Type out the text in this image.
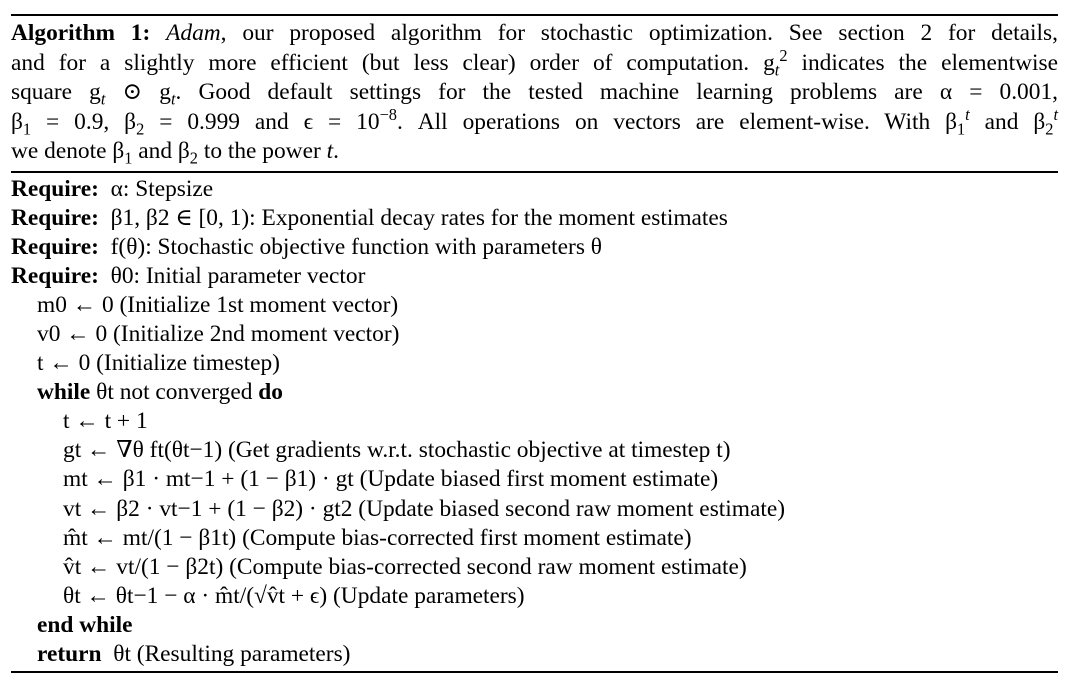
Algorithm 1: Adam, our proposed algorithm for stochastic optimization. See section 2 for details,
and for a slightly more efficient (but less clear) order of computation. $g_t^2$ indicates the elementwise
square $g_t$ ⊙ $g_t$. Good default settings for the tested machine learning problems are α = 0.001,
$\beta_1 = 0.9$, $\beta_2 = 0.999$ and $\epsilon = 10^{-8}$. All operations on vectors are element-wise. With $\beta_1^t$ and $\beta_2^t$
we denote $\beta_1$ and $\beta_2$ to the power t.
Require: α: Stepsize
Require: β1, β2 ∈ [0, 1): Exponential decay rates for the moment estimates
Require: f(θ): Stochastic objective function with parameters θ
Require: θ0: Initial parameter vector
m0 ← 0 (Initialize 1st moment vector)
v0 ← 0 (Initialize 2nd moment vector)
t ← 0 (Initialize timestep)
while θt not converged do
t ← t + 1
gt ← ∇θ ft(θt−1) (Get gradients w.r.t. stochastic objective at timestep t)
mt ← β1 · mt−1 + (1 − β1) · gt (Update biased first moment estimate)
vt ← β2 · vt−1 + (1 − β2) · gt2 (Update biased second raw moment estimate)
m̂t ← mt/(1 − β1t) (Compute bias-corrected first moment estimate)
v̂t ← vt/(1 − β2t) (Compute bias-corrected second raw moment estimate)
θt ← θt−1 − α · m̂t/(√v̂t + ϵ) (Update parameters)
end while
return θt (Resulting parameters)
